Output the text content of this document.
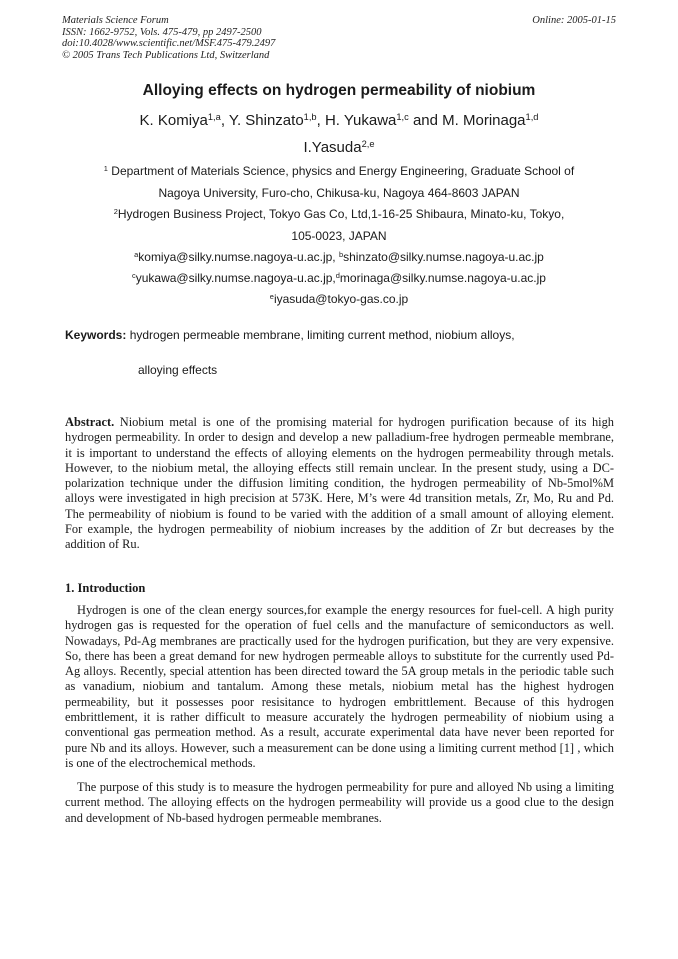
Materials Science Forum
ISSN: 1662-9752, Vols. 475-479, pp 2497-2500
doi:10.4028/www.scientific.net/MSF.475-479.2497
© 2005 Trans Tech Publications Ltd, Switzerland
Online: 2005-01-15
Alloying effects on hydrogen permeability of niobium
K. Komiya$^{1,a}$, Y. Shinzato$^{1,b}$, H. Yukawa$^{1,c}$ and M. Morinaga$^{1,d}$
I.Yasuda$^{2,e}$
$^1$ Department of Materials Science, physics and Energy Engineering, Graduate School of
Nagoya University, Furo-cho, Chikusa-ku, Nagoya 464-8603 JAPAN
$^2$Hydrogen Business Project, Tokyo Gas Co, Ltd,1-16-25 Shibaura, Minato-ku, Tokyo,
105-0023, JAPAN
$^a$komiya@silky.numse.nagoya-u.ac.jp, $^b$shinzato@silky.numse.nagoya-u.ac.jp
$^c$yukawa@silky.numse.nagoya-u.ac.jp,$^d$morinaga@silky.numse.nagoya-u.ac.jp
$^e$iyasuda@tokyo-gas.co.jp
Keywords: hydrogen permeable membrane, limiting current method, niobium alloys,
alloying effects
Abstract. Niobium metal is one of the promising material for hydrogen purification because of its high hydrogen permeability. In order to design and develop a new palladium-free hydrogen permeable membrane, it is important to understand the effects of alloying elements on the hydrogen permeability through metals. However, to the niobium metal, the alloying effects still remain unclear. In the present study, using a DC-polarization technique under the diffusion limiting condition, the hydrogen permeability of Nb-5mol%M alloys were investigated in high precision at 573K. Here, M’s were 4d transition metals, Zr, Mo, Ru and Pd. The permeability of niobium is found to be varied with the addition of a small amount of alloying element. For example, the hydrogen permeability of niobium increases by the addition of Zr but decreases by the addition of Ru.
1. Introduction
Hydrogen is one of the clean energy sources,for example the energy resources for fuel-cell. A high purity hydrogen gas is requested for the operation of fuel cells and the manufacture of semiconductors as well. Nowadays, Pd-Ag membranes are practically used for the hydrogen purification, but they are very expensive. So, there has been a great demand for new hydrogen permeable alloys to substitute for the currently used Pd-Ag alloys. Recently, special attention has been directed toward the 5A group metals in the periodic table such as vanadium, niobium and tantalum. Among these metals, niobium metal has the highest hydrogen permeability, but it possesses poor resisitance to hydrogen embrittlement. Because of this hydrogen embrittlement, it is rather difficult to measure accurately the hydrogen permeability of niobium using a conventional gas permeation method. As a result, accurate experimental data have never been reported for pure Nb and its alloys. However, such a measurement can be done using a limiting current method [1] , which is one of the electrochemical methods.
The purpose of this study is to measure the hydrogen permeability for pure and alloyed Nb using a limiting current method. The alloying effects on the hydrogen permeability will provide us a good clue to the design and development of Nb-based hydrogen permeable membranes.
